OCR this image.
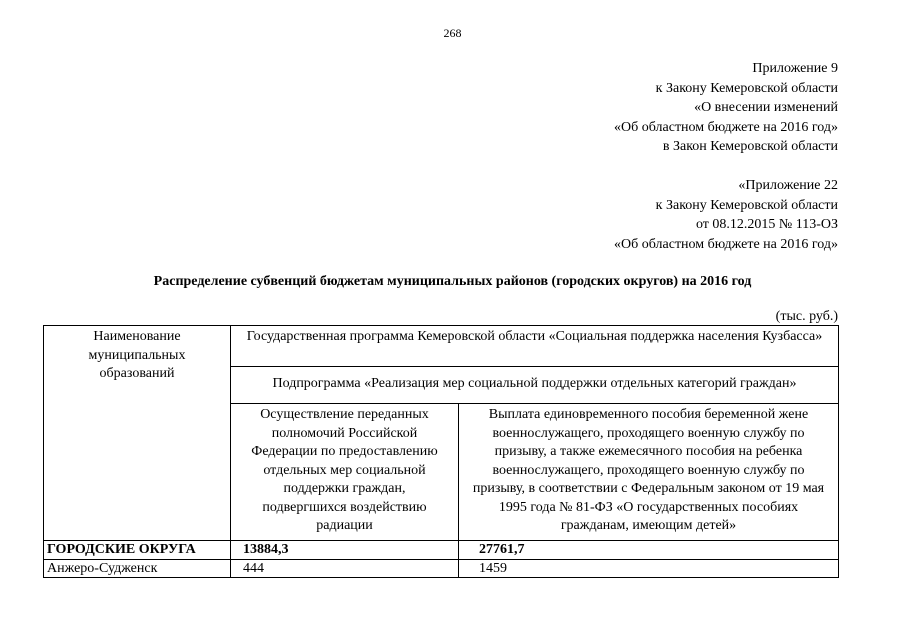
268
Приложение 9
к Закону Кемеровской области
«О внесении изменений
«Об областном бюджете на 2016 год»
в Закон Кемеровской области
«Приложение 22
к Закону Кемеровской области
от 08.12.2015 № 113-ОЗ
«Об областном бюджете на 2016 год»
Распределение субвенций бюджетам муниципальных районов (городских округов) на 2016 год
(тыс. руб.)
Наименование муниципальных образований
Государственная программа Кемеровской области «Социальная поддержка населения Кузбасса»
Подпрограмма «Реализация мер социальной поддержки отдельных категорий граждан»
Осуществление переданных полномочий Российской Федерации по предоставлению отдельных мер социальной поддержки граждан, подвергшихся воздействию радиации
Выплата единовременного пособия беременной жене военнослужащего, проходящего военную службу по призыву, а также ежемесячного пособия на ребенка военнослужащего, проходящего военную службу по призыву, в соответствии с Федеральным законом от 19 мая 1995 года № 81-ФЗ «О государственных пособиях гражданам, имеющим детей»
ГОРОДСКИЕ ОКРУГА	13884,3	27761,7
Анжеро-Судженск	444	1459
